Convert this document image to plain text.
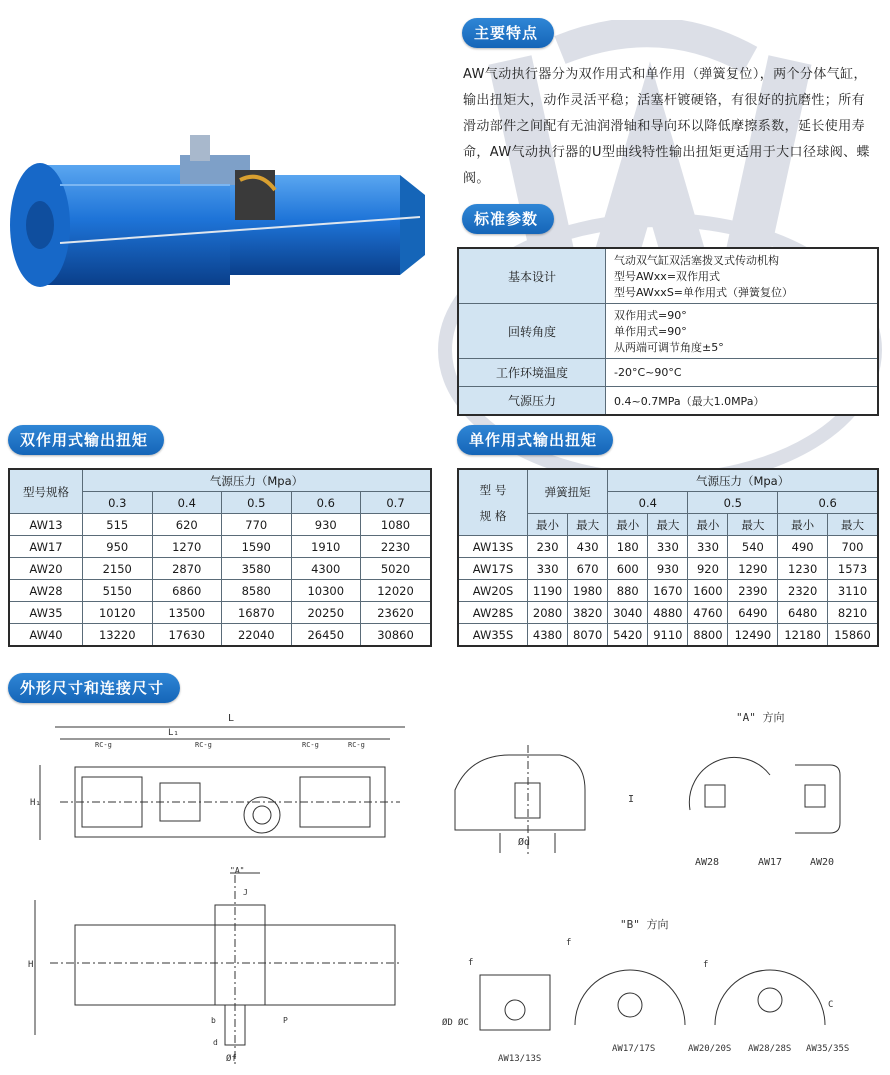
主要特点
AW气动执行器分为双作用式和单作用（弹簧复位），两个分体气缸，输出扭矩大，动作灵活平稳；活塞杆镀硬铬，有很好的抗磨性；所有滑动部件之间配有无油润滑轴和导向环以降低摩擦系数，延长使用寿命，AW气动执行器的U型曲线特性输出扭矩更适用于大口径球阀、蝶阀。
标准参数
基本设计	气动双气缸双活塞拨叉式传动机构
型号AWxx=双作用式
型号AWxxS=单作用式（弹簧复位）

回转角度	双作用式=90°
单作用式=90°
从两端可调节角度±5°

工作环境温度	-20°C~90°C
气源压力	0.4~0.7MPa（最大1.0MPa）
双作用式输出扭矩
型号规格	气源压力（Mpa）				
	0.3	0.4	0.5	0.6	0.7
AW13	515	620	770	930	1080
AW17	950	1270	1590	1910	2230
AW20	2150	2870	3580	4300	5020
AW28	5150	6860	8580	10300	12020
AW35	10120	13500	16870	20250	23620
AW40	13220	17630	22040	26450	30860
单作用式输出扭矩
型 号
规 格	弹簧扭矩		气源压力（Mpa）					
			0.4		0.5		0.6	
	最小	最大	最小	最大	最小	最大	最小	最大
AW13S	230	430	180	330	330	540	490	700
AW17S	330	670	600	930	920	1290	1230	1573
AW20S	1190	1980	880	1670	1600	2390	2320	3110
AW28S	2080	3820	3040	4880	4760	6490	6480	8210
AW35S	4380	8070	5420	9110	8800	12490	12180	15860
外形尺寸和连接尺寸
L
L₁
RC-g	RC-g	RC-g	RC-g
H₁
"A"
H
J
b	P
d
Øf
Ød
I
"A" 方向
AW28	AW17	AW20
"B" 方向
f
f
f
ØD ØC
C
AW13/13S
AW17/17S	AW20/20S AW28/28S AW35/35S
